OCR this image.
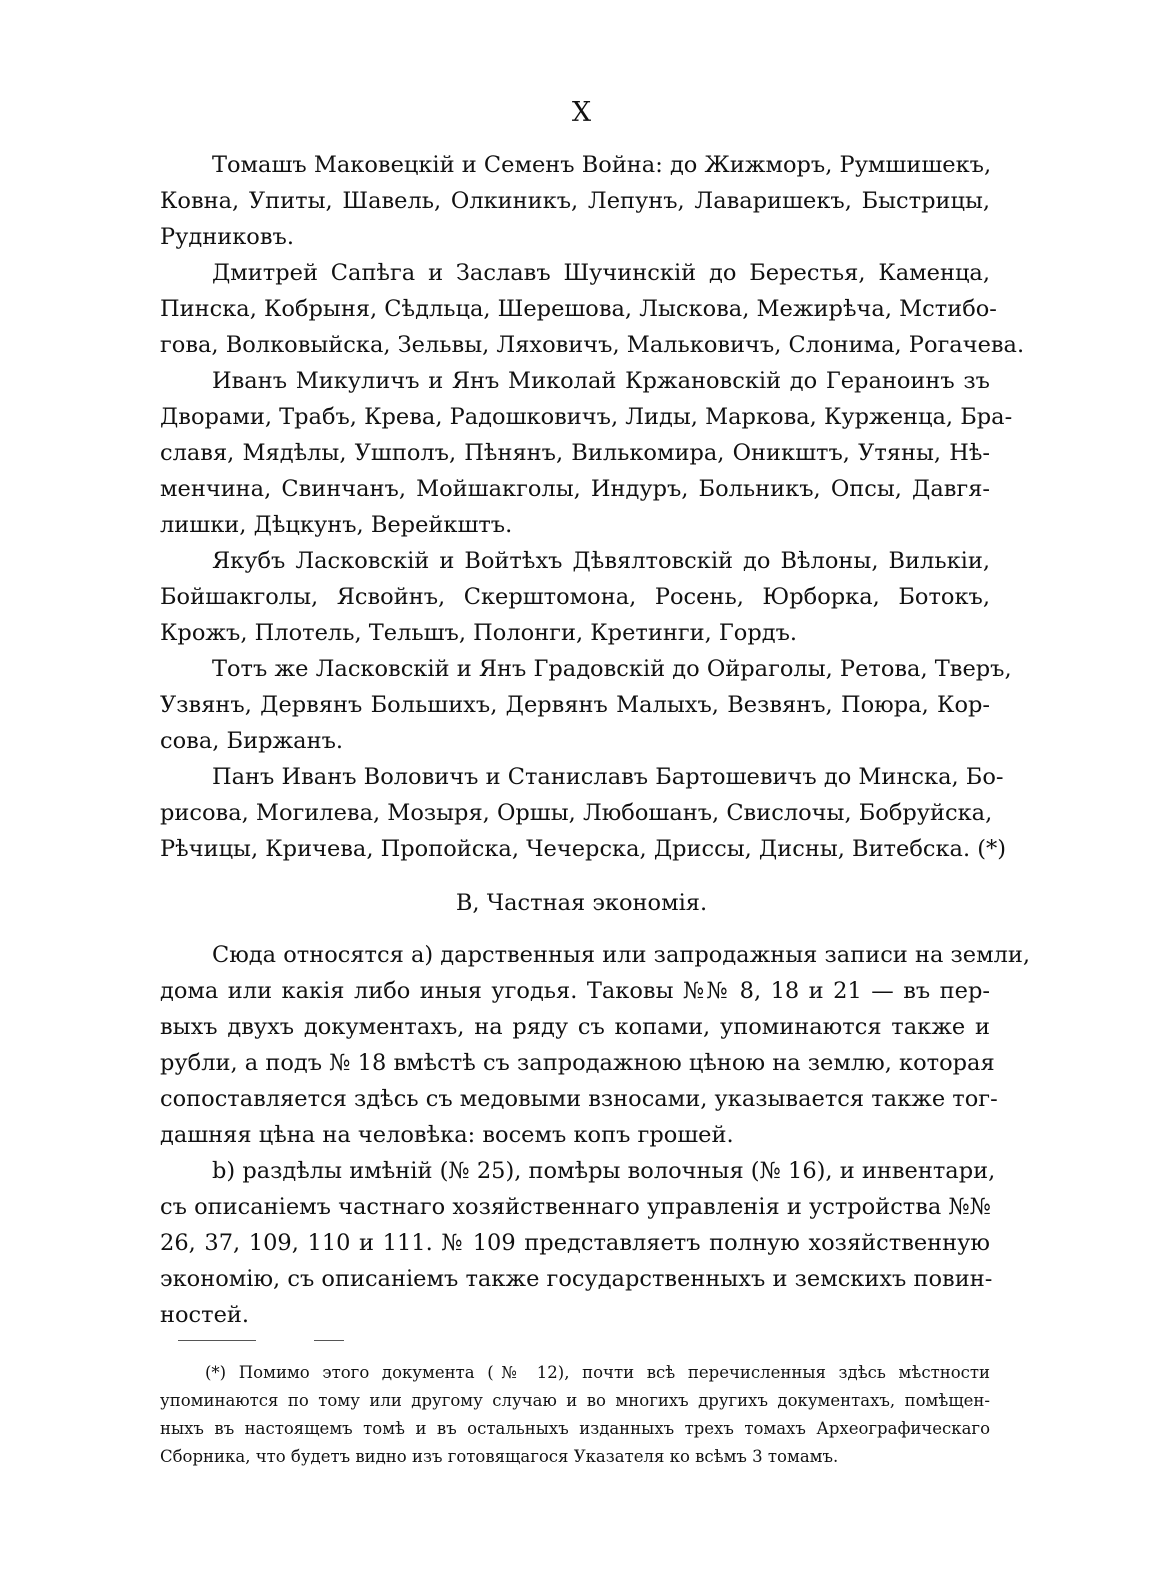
X
Томашъ Маковецкій и Семенъ Война: до Жижморъ, Румшишекъ,
Ковна, Упиты, Шавель, Олкиникъ, Лепунъ, Лаваришекъ, Быстрицы,
Рудниковъ.
Дмитрей Сапѣга и Заславъ Шучинскій до Берестья, Каменца,
Пинска, Кобрыня, Сѣдльца, Шерешова, Лыскова, Межирѣча, Мстибо-
гова, Волковыйска, Зельвы, Ляховичъ, Мальковичъ, Слонима, Рогачева.
Иванъ Микуличъ и Янъ Миколай Кржановскій до Гераноинъ зъ
Дворами, Трабъ, Крева, Радошковичъ, Лиды, Маркова, Курженца, Бра-
славя, Мядѣлы, Ушполъ, Пѣнянъ, Вилькомира, Оникштъ, Утяны, Нѣ-
менчина, Свинчанъ, Мойшакголы, Индуръ, Больникъ, Опсы, Давгя-
лишки, Дѣцкунъ, Верейкштъ.
Якубъ Ласковскій и Войтѣхъ Дѣвялтовскій до Вѣлоны, Вилькіи,
Бойшакголы, Ясвойнъ, Скерштомона, Росень, Юрборка, Ботокъ,
Крожъ, Плотель, Тельшъ, Полонги, Кретинги, Гордъ.
Тотъ же Ласковскій и Янъ Градовскій до Ойраголы, Ретова, Тверъ,
Узвянъ, Дервянъ Большихъ, Дервянъ Малыхъ, Везвянъ, Поюра, Кор-
сова, Биржанъ.
Панъ Иванъ Воловичъ и Станиславъ Бартошевичъ до Минска, Бо-
рисова, Могилева, Мозыря, Оршы, Любошанъ, Свислочы, Бобруйска,
Рѣчицы, Кричева, Пропойска, Чечерска, Дриссы, Дисны, Витебска. (*)
B, Частная экономія.
Сюда относятся а) дарственныя или запродажныя записи на земли,
дома или какія либо иныя угодья. Таковы №№ 8, 18 и 21 — въ пер-
выхъ двухъ документахъ, на ряду съ копами, упоминаются также и
рубли, а подъ № 18 вмѣстѣ съ запродажною цѣною на землю, которая
сопоставляется здѣсь съ медовыми взносами, указывается также тог-
дашняя цѣна на человѣка: восемъ копъ грошей.
b) раздѣлы имѣній (№ 25), помѣры волочныя (№ 16), и инвентари,
съ описаніемъ частнаго хозяйственнаго управленія и устройства №№
26, 37, 109, 110 и 111. № 109 представляетъ полную хозяйственную
экономію, съ описаніемъ также государственныхъ и земскихъ повин-
ностей.
(*) Помимо этого документа (№ 12), почти всѣ перечисленныя здѣсь мѣстности
упоминаются по тому или другому случаю и во многихъ другихъ документахъ, помѣщен-
ныхъ въ настоящемъ томѣ и въ остальныхъ изданныхъ трехъ томахъ Археографическаго
Сборника, что будетъ видно изъ готовящагося Указателя ко всѣмъ 3 томамъ.
